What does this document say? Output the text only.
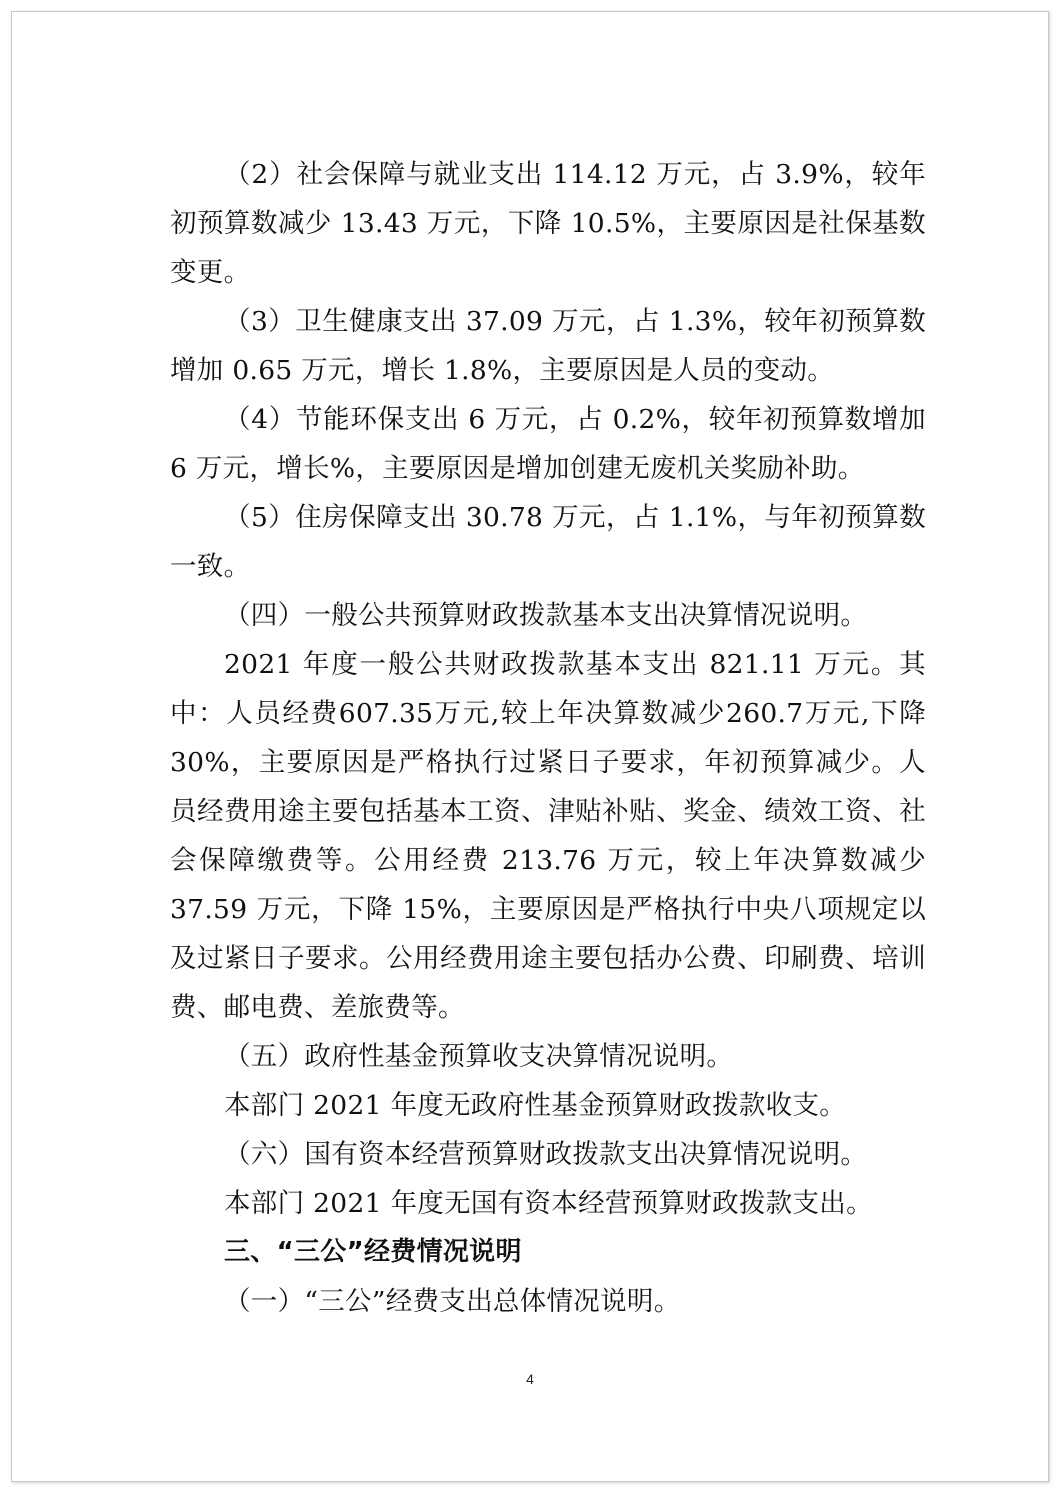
（2）社会保障与就业支出 114.12 万元，占 3.9%，较年初预算数减少 13.43 万元，下降 10.5%，主要原因是社保基数变更。

（3）卫生健康支出 37.09 万元，占 1.3%，较年初预算数增加 0.65 万元，增长 1.8%，主要原因是人员的变动。

（4）节能环保支出 6 万元，占 0.2%，较年初预算数增加 6 万元，增长%，主要原因是增加创建无废机关奖励补助。

（5）住房保障支出 30.78 万元，占 1.1%，与年初预算数一致。

（四）一般公共预算财政拨款基本支出决算情况说明。

2021 年度一般公共财政拨款基本支出 821.11 万元。其中：人员经费607.35万元,较上年决算数减少260.7万元,下降30%，主要原因是严格执行过紧日子要求，年初预算减少。人员经费用途主要包括基本工资、津贴补贴、奖金、绩效工资、社会保障缴费等。公用经费 213.76 万元，较上年决算数减少 37.59 万元，下降 15%，主要原因是严格执行中央八项规定以及过紧日子要求。公用经费用途主要包括办公费、印刷费、培训费、邮电费、差旅费等。

（五）政府性基金预算收支决算情况说明。

本部门 2021 年度无政府性基金预算财政拨款收支。

（六）国有资本经营预算财政拨款支出决算情况说明。

本部门 2021 年度无国有资本经营预算财政拨款支出。

三、“三公”经费情况说明

（一）“三公”经费支出总体情况说明。

4
